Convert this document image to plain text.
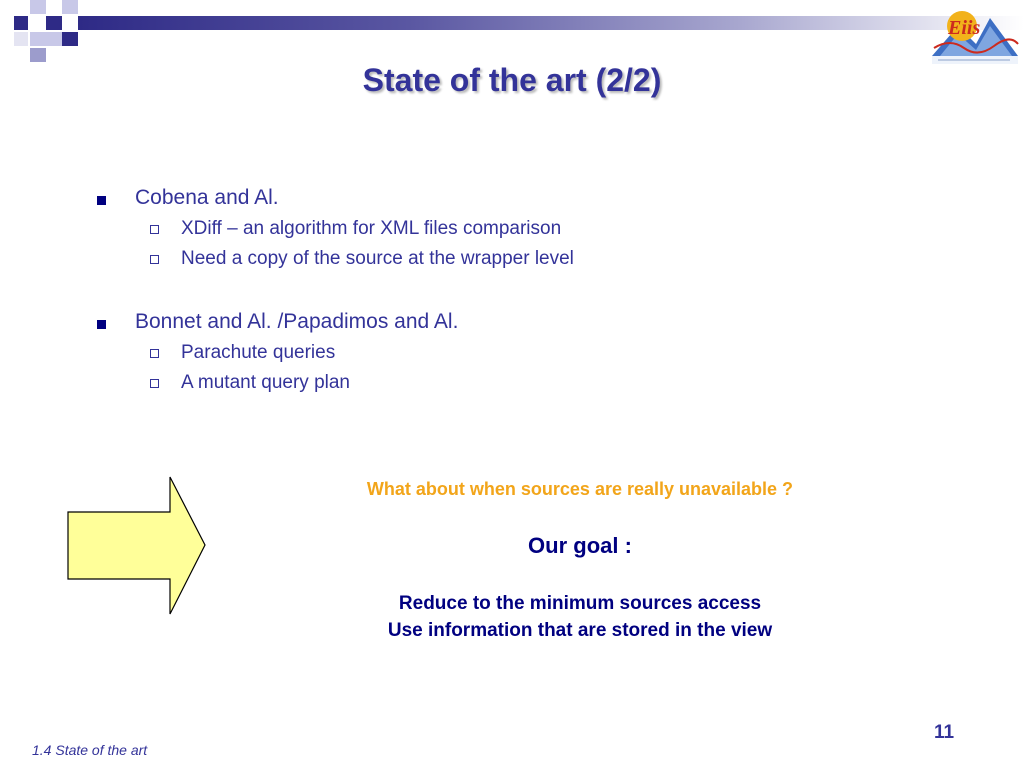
Eiis
State of the art (2/2)
Cobena and Al.
XDiff – an algorithm for XML files comparison
Need a copy of the source at the wrapper level
Bonnet and Al. /Papadimos and Al.
Parachute queries
A mutant query plan
What about when sources are really unavailable ?
Our goal :
Reduce to the minimum sources access
Use information that are stored in the view
11
1.4 State of the art
